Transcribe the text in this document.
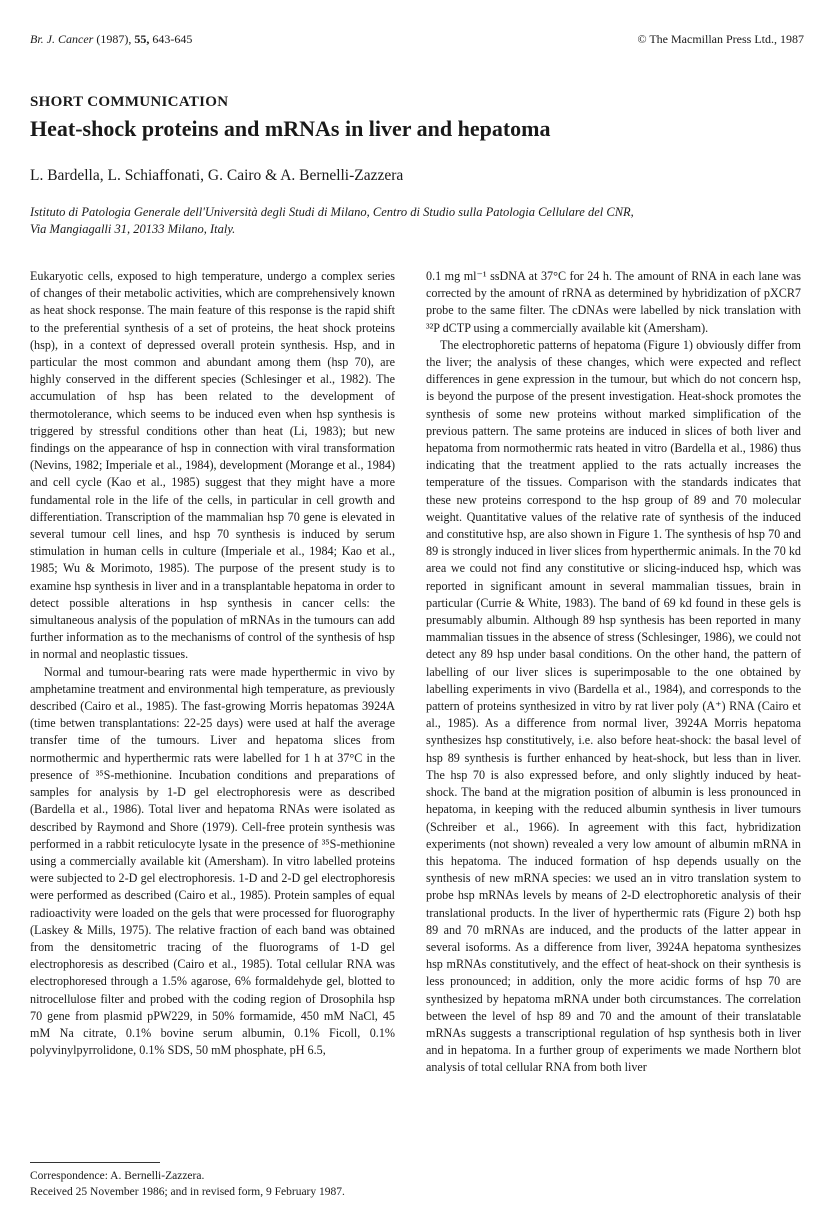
Br. J. Cancer (1987), 55, 643-645	© The Macmillan Press Ltd., 1987
SHORT COMMUNICATION
Heat-shock proteins and mRNAs in liver and hepatoma
L. Bardella, L. Schiaffonati, G. Cairo & A. Bernelli-Zazzera
Istituto di Patologia Generale dell'Università degli Studi di Milano, Centro di Studio sulla Patologia Cellulare del CNR,
Via Mangiagalli 31, 20133 Milano, Italy.

Eukaryotic cells, exposed to high temperature, undergo a complex series of changes of their metabolic activities, which are comprehensively known as heat shock response. The main feature of this response is the rapid shift to the preferential synthesis of a set of proteins, the heat shock proteins (hsp), in a context of depressed overall protein synthesis. Hsp, and in particular the most common and abundant among them (hsp 70), are highly conserved in the different species (Schlesinger et al., 1982). The accumulation of hsp has been related to the development of thermotolerance, which seems to be induced even when hsp synthesis is triggered by stressful conditions other than heat (Li, 1983); but new findings on the appearance of hsp in connection with viral transformation (Nevins, 1982; Imperiale et al., 1984), development (Morange et al., 1984) and cell cycle (Kao et al., 1985) suggest that they might have a more fundamental role in the life of the cells, in particular in cell growth and differentiation. Transcription of the mammalian hsp 70 gene is elevated in several tumour cell lines, and hsp 70 synthesis is induced by serum stimulation in human cells in culture (Imperiale et al., 1984; Kao et al., 1985; Wu & Morimoto, 1985). The purpose of the present study is to examine hsp synthesis in liver and in a transplantable hepatoma in order to detect possible alterations in hsp synthesis in cancer cells: the simultaneous analysis of the population of mRNAs in the tumours can add further information as to the mechanisms of control of the synthesis of hsp in normal and neoplastic tissues.

Normal and tumour-bearing rats were made hyperthermic in vivo by amphetamine treatment and environmental high temperature, as previously described (Cairo et al., 1985). The fast-growing Morris hepatomas 3924A (time betwen transplantations: 22-25 days) were used at half the average transfer time of the tumours. Liver and hepatoma slices from normothermic and hyperthermic rats were labelled for 1 h at 37°C in the presence of ³⁵S-methionine. Incubation conditions and preparations of samples for analysis by 1-D gel electrophoresis were as described (Bardella et al., 1986). Total liver and hepatoma RNAs were isolated as described by Raymond and Shore (1979). Cell-free protein synthesis was performed in a rabbit reticulocyte lysate in the presence of ³⁵S-methionine using a commercially available kit (Amersham). In vitro labelled proteins were subjected to 2-D gel electrophoresis. 1-D and 2-D gel electrophoresis were performed as described (Cairo et al., 1985). Protein samples of equal radioactivity were loaded on the gels that were processed for fluorography (Laskey & Mills, 1975). The relative fraction of each band was obtained from the densitometric tracing of the fluorograms of 1-D gel electrophoresis as described (Cairo et al., 1985). Total cellular RNA was electrophoresed through a 1.5% agarose, 6% formaldehyde gel, blotted to nitrocellulose filter and probed with the coding region of Drosophila hsp 70 gene from plasmid pPW229, in 50% formamide, 450 mM NaCl, 45 mM Na citrate, 0.1% bovine serum albumin, 0.1% Ficoll, 0.1% polyvinylpyrrolidone, 0.1% SDS, 50 mM phosphate, pH 6.5,

0.1 mg ml⁻¹ ssDNA at 37°C for 24 h. The amount of RNA in each lane was corrected by the amount of rRNA as determined by hybridization of pXCR7 probe to the same filter. The cDNAs were labelled by nick translation with ³²P dCTP using a commercially available kit (Amersham).

The electrophoretic patterns of hepatoma (Figure 1) obviously differ from the liver; the analysis of these changes, which were expected and reflect differences in gene expression in the tumour, but which do not concern hsp, is beyond the purpose of the present investigation. Heat-shock promotes the synthesis of some new proteins without marked simplification of the previous pattern. The same proteins are induced in slices of both liver and hepatoma from normothermic rats heated in vitro (Bardella et al., 1986) thus indicating that the treatment applied to the rats actually increases the temperature of the tissues. Comparison with the standards indicates that these new proteins correspond to the hsp group of 89 and 70 molecular weight. Quantitative values of the relative rate of synthesis of the induced and constitutive hsp, are also shown in Figure 1. The synthesis of hsp 70 and 89 is strongly induced in liver slices from hyperthermic animals. In the 70 kd area we could not find any constitutive or slicing-induced hsp, which was reported in significant amount in several mammalian tissues, brain in particular (Currie & White, 1983). The band of 69 kd found in these gels is presumably albumin. Although 89 hsp synthesis has been reported in many mammalian tissues in the absence of stress (Schlesinger, 1986), we could not detect any 89 hsp under basal conditions. On the other hand, the pattern of labelling of our liver slices is superimposable to the one obtained by labelling experiments in vivo (Bardella et al., 1984), and corresponds to the pattern of proteins synthesized in vitro by rat liver poly (A⁺) RNA (Cairo et al., 1985). As a difference from normal liver, 3924A Morris hepatoma synthesizes hsp constitutively, i.e. also before heat-shock: the basal level of hsp 89 synthesis is further enhanced by heat-shock, but less than in liver. The hsp 70 is also expressed before, and only slightly induced by heat-shock. The band at the migration position of albumin is less pronounced in hepatoma, in keeping with the reduced albumin synthesis in liver tumours (Schreiber et al., 1966). In agreement with this fact, hybridization experiments (not shown) revealed a very low amount of albumin mRNA in this hepatoma. The induced formation of hsp depends usually on the synthesis of new mRNA species: we used an in vitro translation system to probe hsp mRNAs levels by means of 2-D electrophoretic analysis of their translational products. In the liver of hyperthermic rats (Figure 2) both hsp 89 and 70 mRNAs are induced, and the products of the latter appear in several isoforms. As a difference from liver, 3924A hepatoma synthesizes hsp mRNAs constitutively, and the effect of heat-shock on their synthesis is less pronounced; in addition, only the more acidic forms of hsp 70 are synthesized by hepatoma mRNA under both circumstances. The correlation between the level of hsp 89 and 70 and the amount of their translatable mRNAs suggests a transcriptional regulation of hsp synthesis both in liver and in hepatoma. In a further group of experiments we made Northern blot analysis of total cellular RNA from both liver

Correspondence: A. Bernelli-Zazzera.
Received 25 November 1986; and in revised form, 9 February 1987.
